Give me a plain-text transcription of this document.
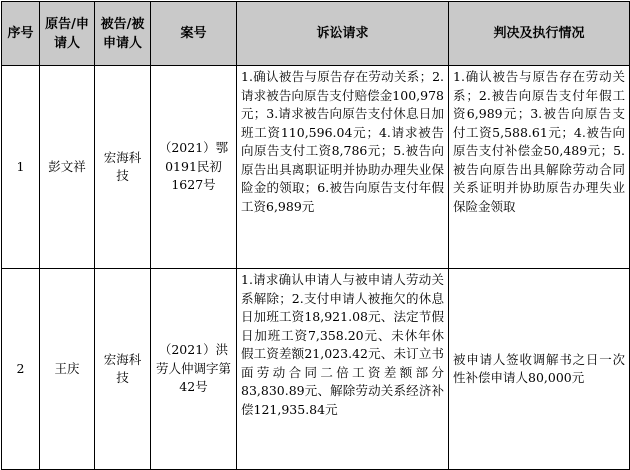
序号	原告/申请人	被告/被申请人	案号	诉讼请求	判决及执行情况
1	彭文祥	宏海科技	（2021）鄂0191民初1627号	1.确认被告与原告存在劳动关系；2.请求被告向原告支付赔偿金100,978元；3.请求被告向原告支付休息日加班工资110,596.04元；4.请求被告向原告支付工资8,786元；5.被告向原告出具离职证明并协助办理失业保险金的领取；6.被告向原告支付年假工资6,989元	1.确认被告与原告存在劳动关系；2.被告向原告支付年假工资6,989元；3.被告向原告支付工资5,588.61元；4.被告向原告支付补偿金50,489元；5.被告向原告出具解除劳动合同关系证明并协助原告办理失业保险金领取
2	王庆	宏海科技	（2021）洪劳人仲调字第42号	1.请求确认申请人与被申请人劳动关系解除；2.支付申请人被拖欠的休息日加班工资18,921.08元、法定节假日加班工资7,358.20元、未休年休假工资差额21,023.42元、未订立书面劳动合同二倍工资差额部分83,830.89元、解除劳动关系经济补偿121,935.84元	被申请人签收调解书之日一次性补偿申请人80,000元
